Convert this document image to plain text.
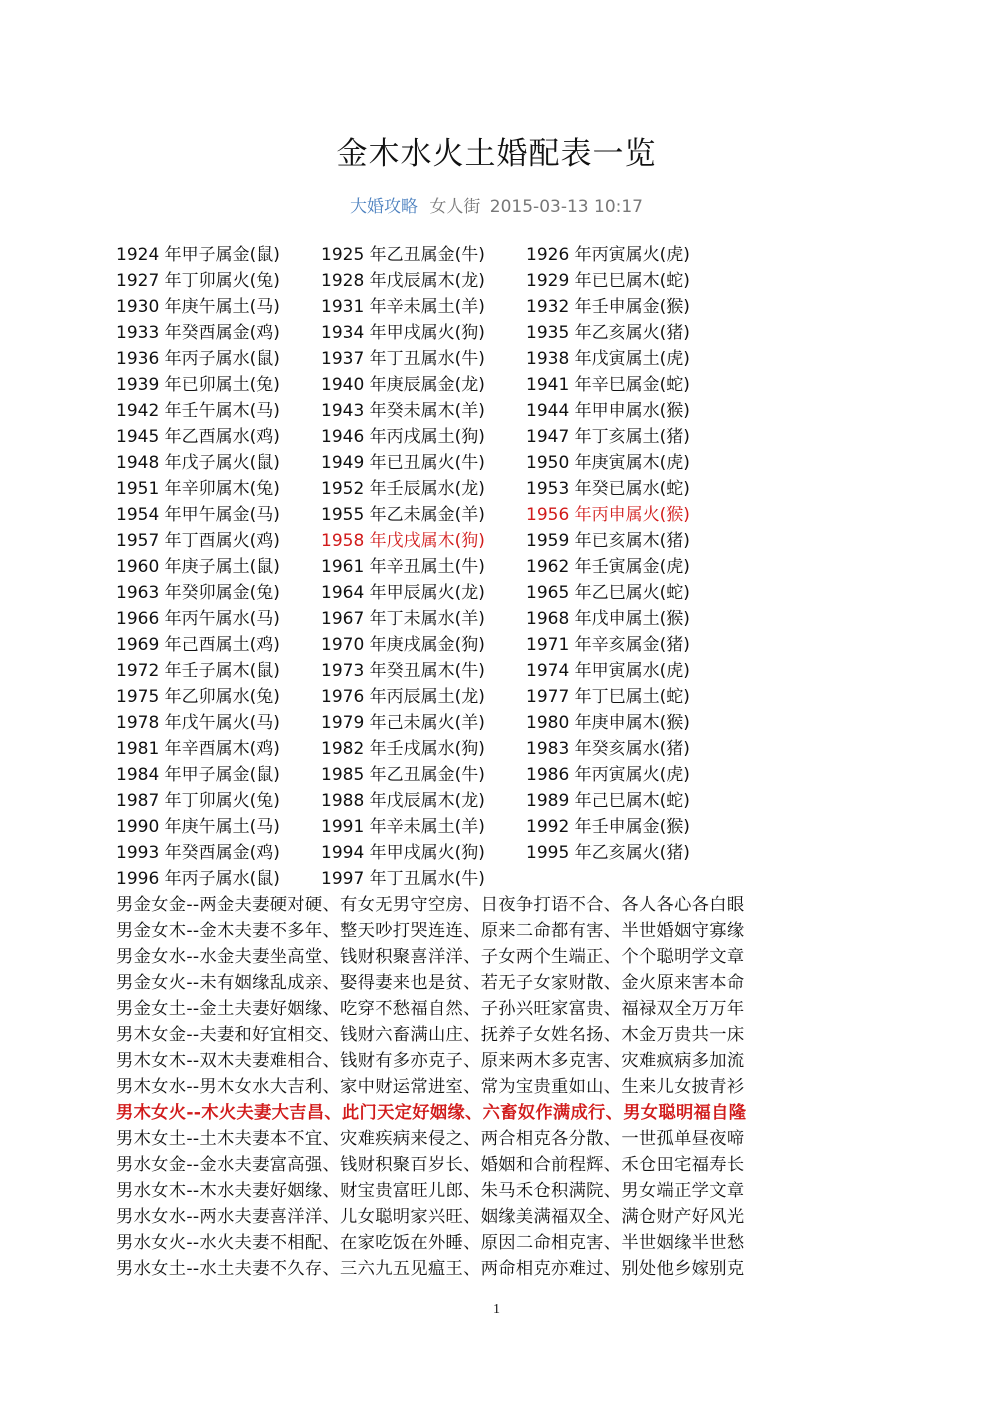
金木水火土婚配表一览
大婚攻略 女人街 2015-03-13 10:17
1924 年甲子属金(鼠) 1925 年乙丑属金(牛) 1926 年丙寅属火(虎)
1927 年丁卯属火(兔) 1928 年戊辰属木(龙) 1929 年已巳属木(蛇)
1930 年庚午属土(马) 1931 年辛未属土(羊) 1932 年壬申属金(猴)
1933 年癸酉属金(鸡) 1934 年甲戌属火(狗) 1935 年乙亥属火(猪)
1936 年丙子属水(鼠) 1937 年丁丑属水(牛) 1938 年戊寅属土(虎)
1939 年已卯属土(兔) 1940 年庚辰属金(龙) 1941 年辛巳属金(蛇)
1942 年壬午属木(马) 1943 年癸未属木(羊) 1944 年甲申属水(猴)
1945 年乙酉属水(鸡) 1946 年丙戌属土(狗) 1947 年丁亥属土(猪)
1948 年戊子属火(鼠) 1949 年已丑属火(牛) 1950 年庚寅属木(虎)
1951 年辛卯属木(兔) 1952 年壬辰属水(龙) 1953 年癸已属水(蛇)
1954 年甲午属金(马) 1955 年乙未属金(羊) 1956 年丙申属火(猴)
1957 年丁酉属火(鸡) 1958 年戊戌属木(狗) 1959 年已亥属木(猪)
1960 年庚子属土(鼠) 1961 年辛丑属土(牛) 1962 年壬寅属金(虎)
1963 年癸卯属金(兔) 1964 年甲辰属火(龙) 1965 年乙巳属火(蛇)
1966 年丙午属水(马) 1967 年丁未属水(羊) 1968 年戊申属土(猴)
1969 年己酉属土(鸡) 1970 年庚戌属金(狗) 1971 年辛亥属金(猪)
1972 年壬子属木(鼠) 1973 年癸丑属木(牛) 1974 年甲寅属水(虎)
1975 年乙卯属水(兔) 1976 年丙辰属土(龙) 1977 年丁巳属土(蛇)
1978 年戊午属火(马) 1979 年己未属火(羊) 1980 年庚申属木(猴)
1981 年辛酉属木(鸡) 1982 年壬戌属水(狗) 1983 年癸亥属水(猪)
1984 年甲子属金(鼠) 1985 年乙丑属金(牛) 1986 年丙寅属火(虎)
1987 年丁卯属火(兔) 1988 年戊辰属木(龙) 1989 年己巳属木(蛇)
1990 年庚午属土(马) 1991 年辛未属土(羊) 1992 年壬申属金(猴)
1993 年癸酉属金(鸡) 1994 年甲戌属火(狗) 1995 年乙亥属火(猪)
1996 年丙子属水(鼠) 1997 年丁丑属水(牛)
男金女金--两金夫妻硬对硬、有女无男守空房、日夜争打语不合、各人各心各白眼
男金女木--金木夫妻不多年、整天吵打哭连连、原来二命都有害、半世婚姻守寡缘
男金女水--水金夫妻坐高堂、钱财积聚喜洋洋、子女两个生端正、个个聪明学文章
男金女火--未有姻缘乱成亲、娶得妻来也是贫、若无子女家财散、金火原来害本命
男金女土--金土夫妻好姻缘、吃穿不愁福自然、子孙兴旺家富贵、福禄双全万万年
男木女金--夫妻和好宜相交、钱财六畜满山庄、抚养子女姓名扬、木金万贵共一床
男木女木--双木夫妻难相合、钱财有多亦克子、原来两木多克害、灾难疯病多加流
男木女水--男木女水大吉利、家中财运常进室、常为宝贵重如山、生来儿女披青衫
男木女火--木火夫妻大吉昌、此门天定好姻缘、六畜奴作满成行、男女聪明福自隆
男木女土--土木夫妻本不宜、灾难疾病来侵之、两合相克各分散、一世孤单昼夜啼
男水女金--金水夫妻富高强、钱财积聚百岁长、婚姻和合前程辉、禾仓田宅福寿长
男水女木--木水夫妻好姻缘、财宝贵富旺儿郎、朱马禾仓积满院、男女端正学文章
男水女水--两水夫妻喜洋洋、儿女聪明家兴旺、姻缘美满福双全、满仓财产好风光
男水女火--水火夫妻不相配、在家吃饭在外睡、原因二命相克害、半世姻缘半世愁
男水女土--水土夫妻不久存、三六九五见瘟王、两命相克亦难过、别处他乡嫁别克
1
